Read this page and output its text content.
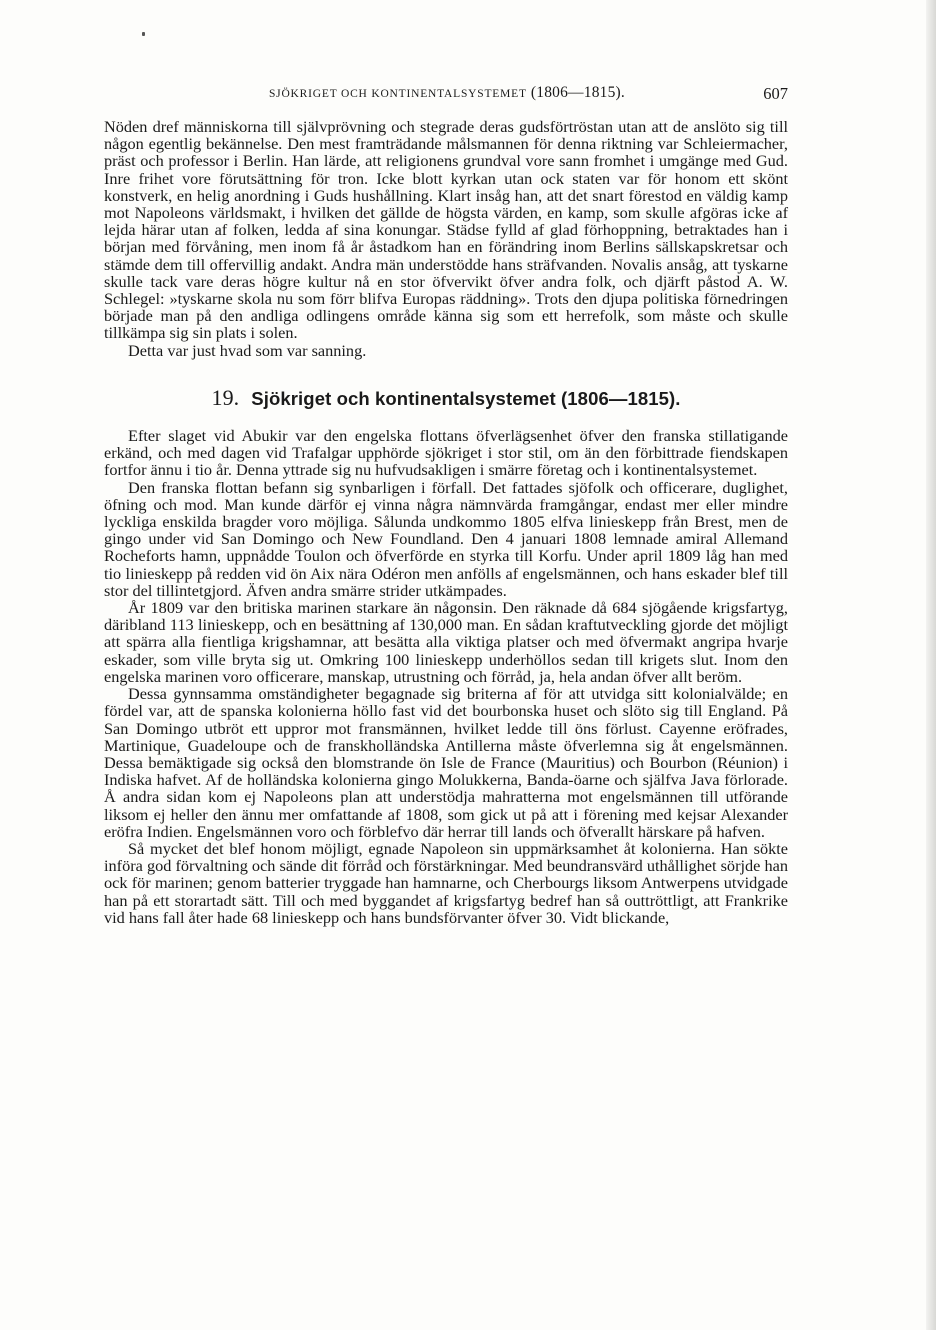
SJÖKRIGET OCH KONTINENTALSYSTEMET (1806—1815).	607

Nöden dref människorna till självprövning och stegrade deras gudsförtröstan utan att de anslöto sig till någon egentlig bekännelse. Den mest framträdande målsmannen för denna riktning var Schleiermacher, präst och professor i Berlin. Han lärde, att religionens grundval vore sann fromhet i umgänge med Gud. Inre frihet vore förutsättning för tron. Icke blott kyrkan utan ock staten var för honom ett skönt konstverk, en helig anordning i Guds hushållning. Klart insåg han, att det snart förestod en väldig kamp mot Napoleons världsmakt, i hvilken det gällde de högsta värden, en kamp, som skulle afgöras icke af lejda härar utan af folken, ledda af sina konungar. Städse fylld af glad förhoppning, betraktades han i början med förvåning, men inom få år åstadkom han en förändring inom Berlins sällskapskretsar och stämde dem till offervillig andakt. Andra män understödde hans sträfvanden. Novalis ansåg, att tyskarne skulle tack vare deras högre kultur nå en stor öfvervikt öfver andra folk, och djärft påstod A. W. Schlegel: »tyskarne skola nu som förr blifva Europas räddning». Trots den djupa politiska förnedringen började man på den andliga odlingens område känna sig som ett herrefolk, som måste och skulle tillkämpa sig sin plats i solen.

Detta var just hvad som var sanning.

19. Sjökriget och kontinentalsystemet (1806—1815).

Efter slaget vid Abukir var den engelska flottans öfverlägsenhet öfver den franska stillatigande erkänd, och med dagen vid Trafalgar upphörde sjökriget i stor stil, om än den förbittrade fiendskapen fortfor ännu i tio år. Denna yttrade sig nu hufvudsakligen i smärre företag och i kontinentalsystemet.

Den franska flottan befann sig synbarligen i förfall. Det fattades sjöfolk och officerare, duglighet, öfning och mod. Man kunde därför ej vinna några nämnvärda framgångar, endast mer eller mindre lyckliga enskilda bragder voro möjliga. Sålunda undkommo 1805 elfva linieskepp från Brest, men de gingo under vid San Domingo och New Foundland. Den 4 januari 1808 lemnade amiral Allemand Rocheforts hamn, uppnådde Toulon och öfverförde en styrka till Korfu. Under april 1809 låg han med tio linieskepp på redden vid ön Aix nära Odéron men anfölls af engelsmännen, och hans eskader blef till stor del tillintetgjord. Äfven andra smärre strider utkämpades.

År 1809 var den britiska marinen starkare än någonsin. Den räknade då 684 sjögående krigsfartyg, däribland 113 linieskepp, och en besättning af 130,000 man. En sådan kraftutveckling gjorde det möjligt att spärra alla fientliga krigshamnar, att besätta alla viktiga platser och med öfvermakt angripa hvarje eskader, som ville bryta sig ut. Omkring 100 linieskepp underhöllos sedan till krigets slut. Inom den engelska marinen voro officerare, manskap, utrustning och förråd, ja, hela andan öfver allt beröm.

Dessa gynnsamma omständigheter begagnade sig briterna af för att utvidga sitt kolonialvälde; en fördel var, att de spanska kolonierna höllo fast vid det bourbonska huset och slöto sig till England. På San Domingo utbröt ett uppror mot fransmännen, hvilket ledde till öns förlust. Cayenne eröfrades, Martinique, Guadeloupe och de franskholländska Antillerna måste öfverlemna sig åt engelsmännen. Dessa bemäktigade sig också den blomstrande ön Isle de France (Mauritius) och Bourbon (Réunion) i Indiska hafvet. Af de holländska kolonierna gingo Molukkerna, Banda-öarne och själfva Java förlorade. Å andra sidan kom ej Napoleons plan att understödja mahratterna mot engelsmännen till utförande liksom ej heller den ännu mer omfattande af 1808, som gick ut på att i förening med kejsar Alexander eröfra Indien. Engelsmännen voro och förblefvo där herrar till lands och öfverallt härskare på hafven.

Så mycket det blef honom möjligt, egnade Napoleon sin uppmärksamhet åt kolonierna. Han sökte införa god förvaltning och sände dit förråd och förstärkningar. Med beundransvärd uthållighet sörjde han ock för marinen; genom batterier tryggade han hamnarne, och Cherbourgs liksom Antwerpens utvidgade han på ett storartadt sätt. Till och med byggandet af krigsfartyg bedref han så outtröttligt, att Frankrike vid hans fall åter hade 68 linieskepp och hans bundsförvanter öfver 30. Vidt blickande,
